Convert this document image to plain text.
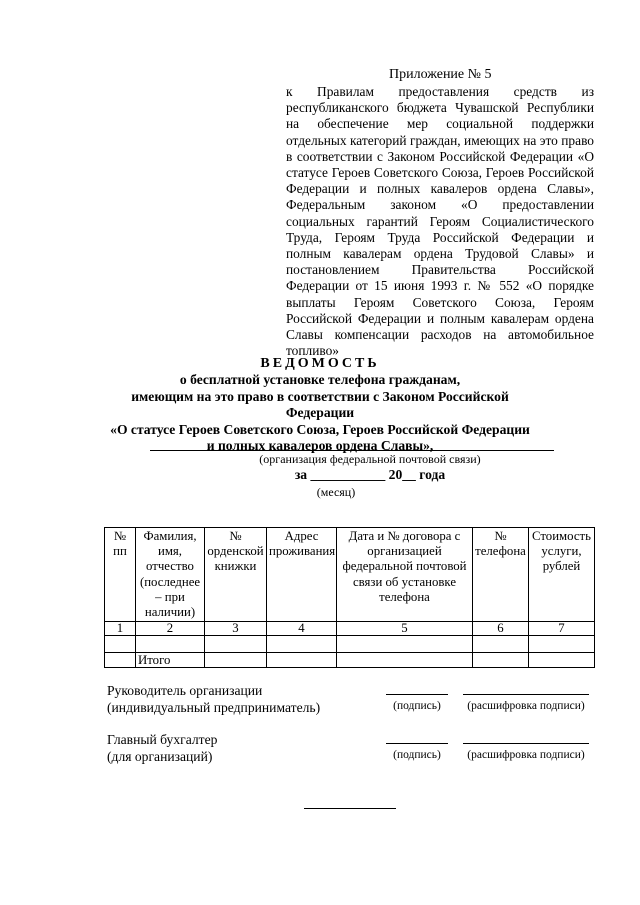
Приложение № 5
к Правилам предоставления средств из республиканского бюджета Чувашской Республики на обеспечение мер социальной поддержки отдельных категорий граждан, имеющих на это право в соответствии с Законом Российской Федерации «О статусе Героев Советского Союза, Героев Российской Федерации и полных кавалеров ордена Славы», Федеральным законом «О предоставлении социальных гарантий Героям Социалистического Труда, Героям Труда Российской Федерации и полным кавалерам ордена Трудовой Славы» и постановлением Правительства Российской Федерации от 15 июня 1993 г. № 552 «О порядке выплаты Героям Советского Союза, Героям Российской Федерации и полным кавалерам ордена Славы компенсации расходов на автомобильное топливо»
ВЕДОМОСТЬ
о бесплатной установке телефона гражданам,
имеющим на это право в соответствии с Законом Российской Федерации
«О статусе Героев Советского Союза, Героев Российской Федерации
и полных кавалеров ордена Славы»,
(организация федеральной почтовой связи)
за ___________ 20__ года
(месяц)
№ пп	Фамилия, имя, отчество (последнее – при наличии)	№ орденской книжки	Адрес проживания	Дата и № договора с организацией федеральной почтовой связи об установке телефона	№ телефона	Стоимость услуги, рублей
1	2	3	4	5	6	7

	Итого					
Руководитель организации
(индивидуальный предприниматель)	(подпись)	(расшифровка подписи)
Главный бухгалтер
(для организаций)	(подпись)	(расшифровка подписи)
